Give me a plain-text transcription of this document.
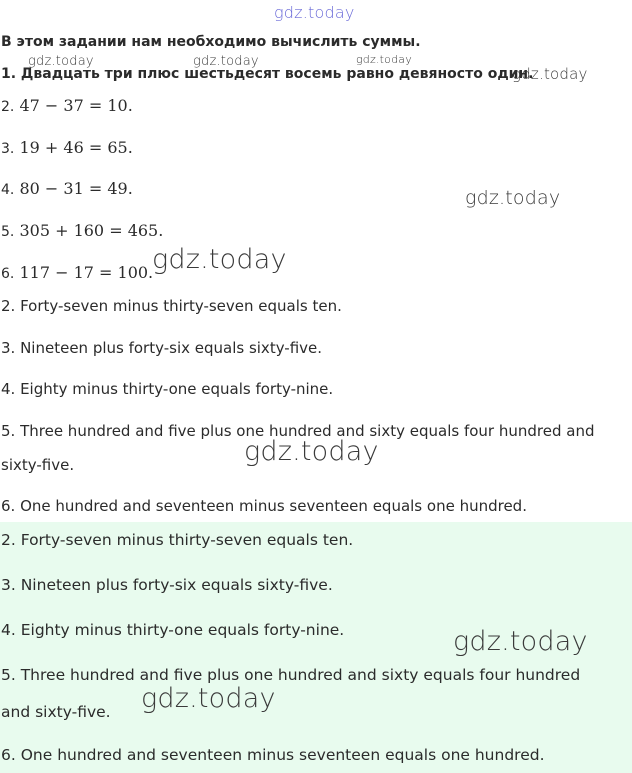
gdz.today
В этом задании нам необходимо вычислить суммы.
gdz.today	gdz.today	gdz.today
1. Двадцать три плюс шестьдесят восемь равно девяносто один.
gdz.today
2. 47 − 37 = 10.
3. 19 + 46 = 65.
4. 80 − 31 = 49.
5. 305 + 160 = 465.
6. 117 − 17 = 100.
gdz.today
gdz.today
2. Forty-seven minus thirty-seven equals ten.
3. Nineteen plus forty-six equals sixty-five.
4. Eighty minus thirty-one equals forty-nine.
5. Three hundred and five plus one hundred and sixty equals four hundred and
sixty-five.
6. One hundred and seventeen minus seventeen equals one hundred.
gdz.today
2. Forty-seven minus thirty-seven equals ten.
3. Nineteen plus forty-six equals sixty-five.
4. Eighty minus thirty-one equals forty-nine.
5. Three hundred and five plus one hundred and sixty equals four hundred
and sixty-five.
6. One hundred and seventeen minus seventeen equals one hundred.
gdz.today
gdz.today
